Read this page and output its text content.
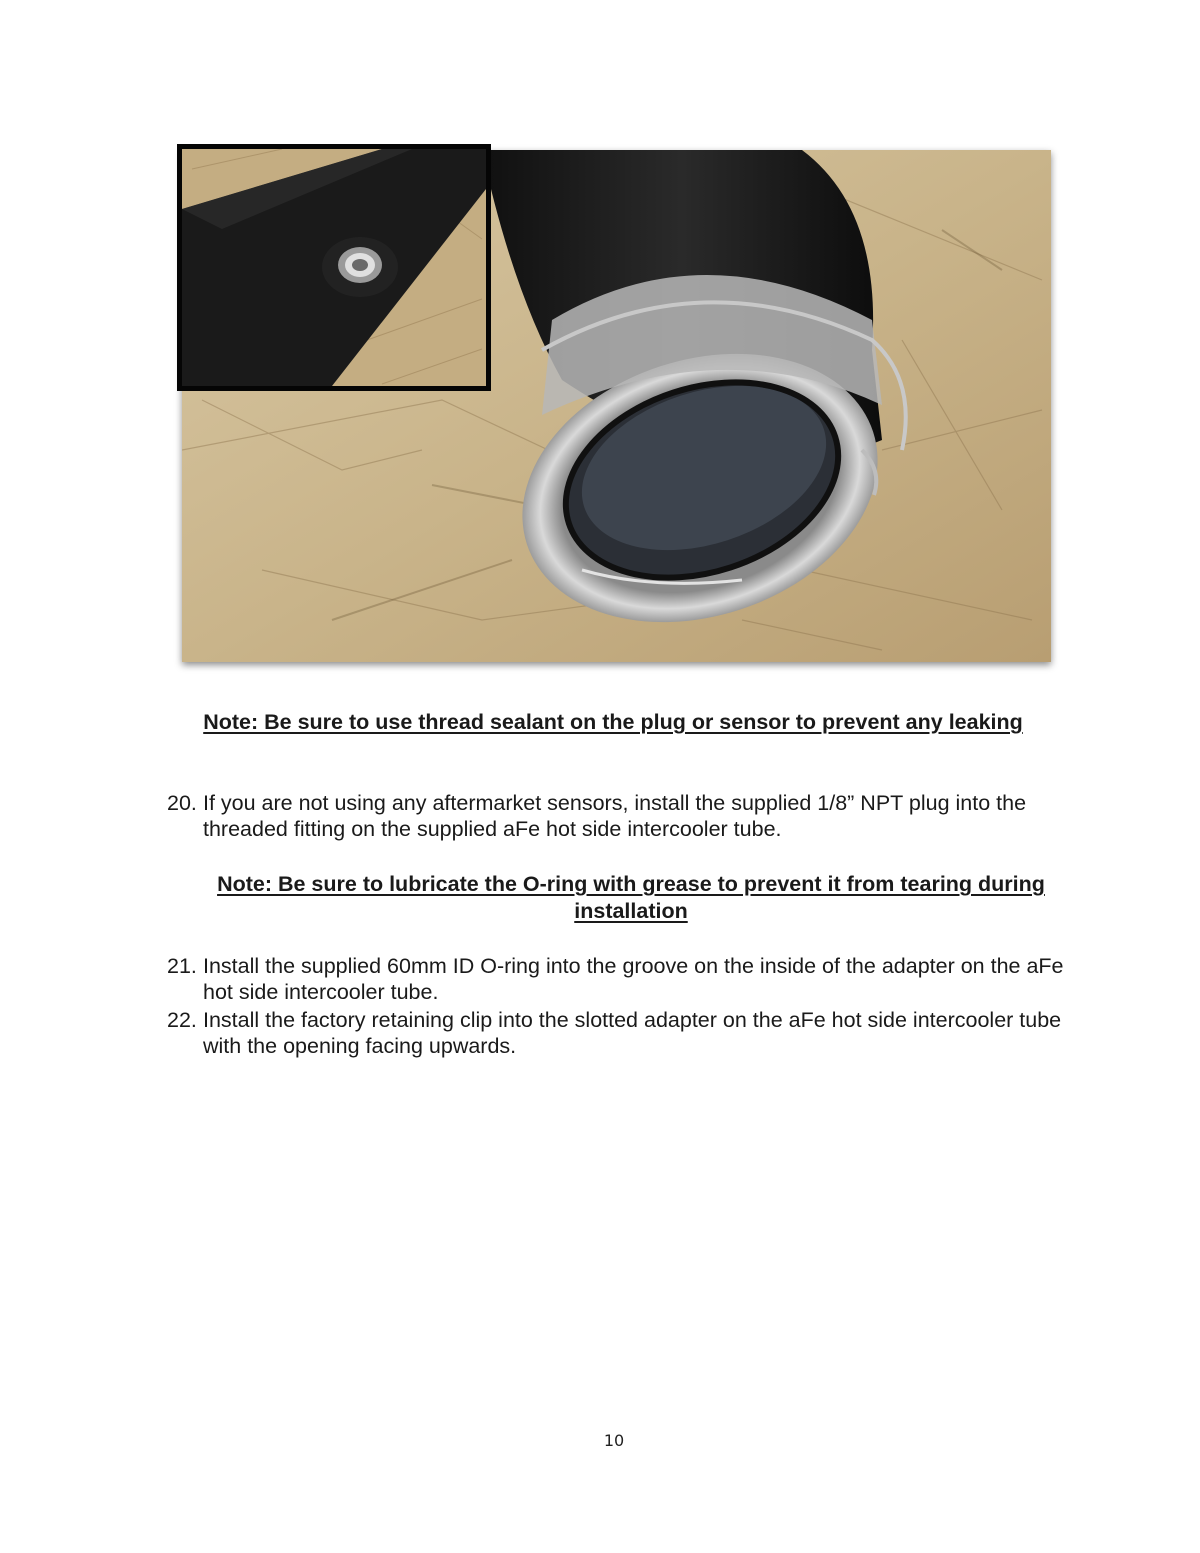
Note: Be sure to use thread sealant on the plug or sensor to prevent any leaking
20. If you are not using any aftermarket sensors, install the supplied 1/8” NPT plug into the threaded fitting on the supplied aFe hot side intercooler tube.
Note: Be sure to lubricate the O-ring with grease to prevent it from tearing during installation
21. Install the supplied 60mm ID O-ring into the groove on the inside of the adapter on the aFe hot side intercooler tube.
22. Install the factory retaining clip into the slotted adapter on the aFe hot side intercooler tube with the opening facing upwards.
10
